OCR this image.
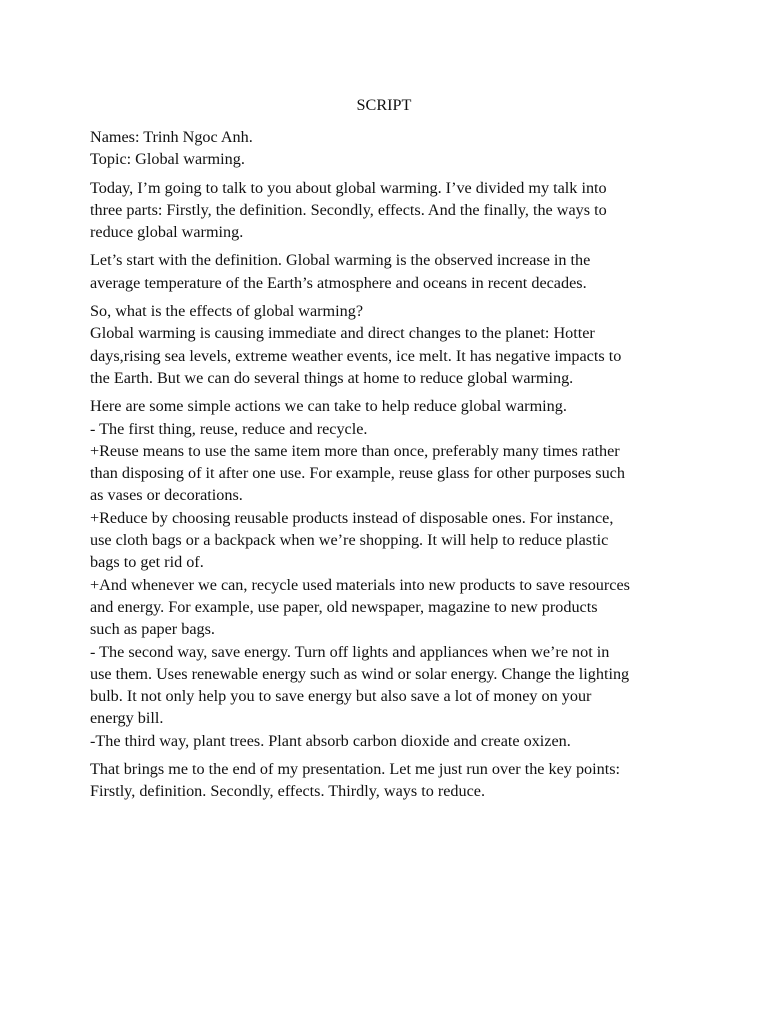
SCRIPT
Names: Trinh Ngoc Anh.
Topic: Global warming.
Today, I’m going to talk to you about global warming. I’ve divided my talk into
three parts: Firstly, the definition. Secondly, effects. And the finally, the ways to
reduce global warming.
Let’s start with the definition. Global warming is the observed increase in the
average temperature of the Earth’s atmosphere and oceans in recent decades.
So, what is the effects of global warming?
Global warming is causing immediate and direct changes to the planet: Hotter
days,rising sea levels, extreme weather events, ice melt. It has negative impacts to
the Earth. But we can do several things at home to reduce global warming.
Here are some simple actions we can take to help reduce global warming.
- The first thing, reuse, reduce and recycle.
+Reuse means to use the same item more than once, preferably many times rather
than disposing of it after one use. For example, reuse glass for other purposes such
as vases or decorations.
+Reduce by choosing reusable products instead of disposable ones. For instance,
use cloth bags or a backpack when we’re shopping. It will help to reduce plastic
bags to get rid of.
+And whenever we can, recycle used materials into new products to save resources
and energy. For example, use paper, old newspaper, magazine to new products
such as paper bags.
- The second way, save energy. Turn off lights and appliances when we’re not in
use them. Uses renewable energy such as wind or solar energy. Change the lighting
bulb. It not only help you to save energy but also save a lot of money on your
energy bill.
-The third way, plant trees. Plant absorb carbon dioxide and create oxizen.
That brings me to the end of my presentation. Let me just run over the key points:
Firstly, definition. Secondly, effects. Thirdly, ways to reduce.
